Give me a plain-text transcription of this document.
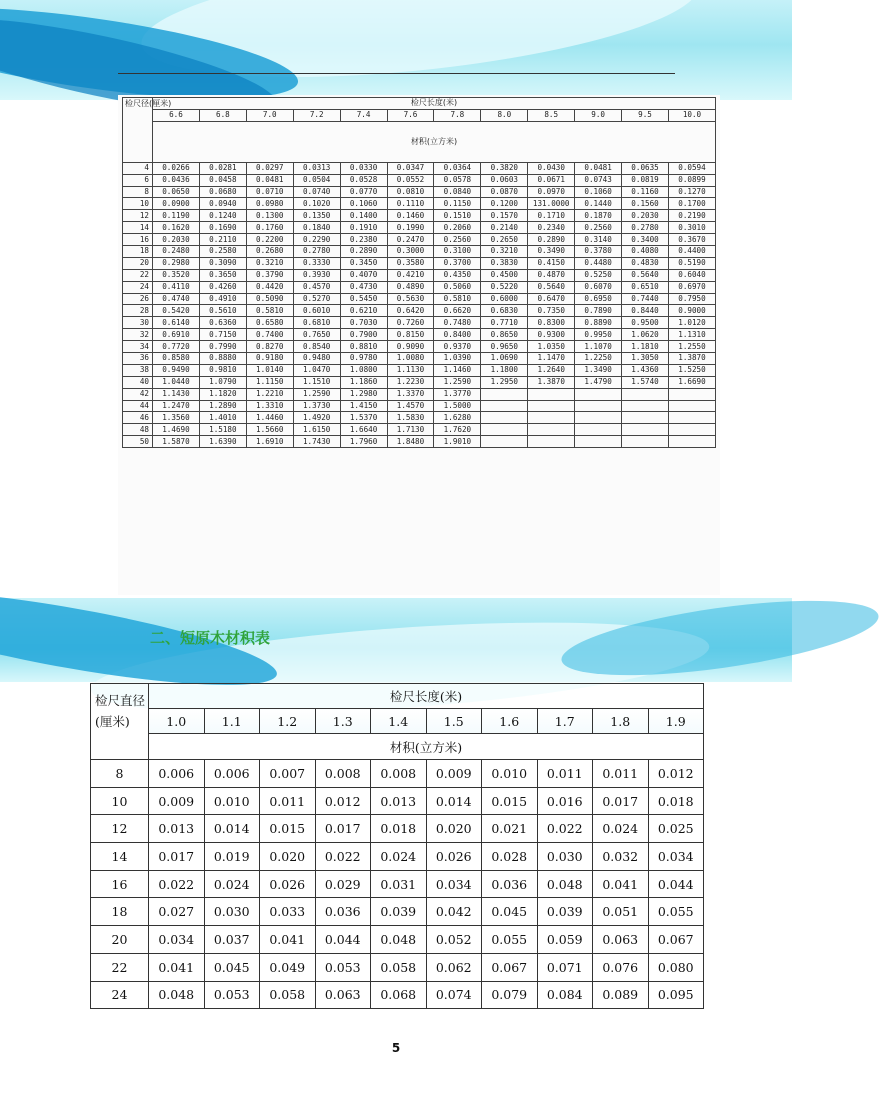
检尺径(厘米)	检尺长度(米)											
	6.6	6.8	7.0	7.2	7.4	7.6	7.8	8.0	8.5	9.0	9.5	10.0
	材积(立方米)											

4	0.0266	0.0281	0.0297	0.0313	0.0330	0.0347	0.0364	0.3820	0.0430	0.0481	0.0635	0.0594
6	0.0436	0.0458	0.0481	0.0504	0.0528	0.0552	0.0578	0.0603	0.0671	0.0743	0.0819	0.0899
8	0.0650	0.0680	0.0710	0.0740	0.0770	0.0810	0.0840	0.0870	0.0970	0.1060	0.1160	0.1270
10	0.0900	0.0940	0.0980	0.1020	0.1060	0.1110	0.1150	0.1200	131.0000	0.1440	0.1560	0.1700
12	0.1190	0.1240	0.1300	0.1350	0.1400	0.1460	0.1510	0.1570	0.1710	0.1870	0.2030	0.2190
14	0.1620	0.1690	0.1760	0.1840	0.1910	0.1990	0.2060	0.2140	0.2340	0.2560	0.2780	0.3010
16	0.2030	0.2110	0.2200	0.2290	0.2380	0.2470	0.2560	0.2650	0.2890	0.3140	0.3400	0.3670
18	0.2480	0.2580	0.2680	0.2780	0.2890	0.3000	0.3100	0.3210	0.3490	0.3780	0.4080	0.4400
20	0.2980	0.3090	0.3210	0.3330	0.3450	0.3580	0.3700	0.3830	0.4150	0.4480	0.4830	0.5190
22	0.3520	0.3650	0.3790	0.3930	0.4070	0.4210	0.4350	0.4500	0.4870	0.5250	0.5640	0.6040
24	0.4110	0.4260	0.4420	0.4570	0.4730	0.4890	0.5060	0.5220	0.5640	0.6070	0.6510	0.6970
26	0.4740	0.4910	0.5090	0.5270	0.5450	0.5630	0.5810	0.6000	0.6470	0.6950	0.7440	0.7950
28	0.5420	0.5610	0.5810	0.6010	0.6210	0.6420	0.6620	0.6830	0.7350	0.7890	0.8440	0.9000
30	0.6140	0.6360	0.6580	0.6810	0.7030	0.7260	0.7480	0.7710	0.8300	0.8890	0.9500	1.0120
32	0.6910	0.7150	0.7400	0.7650	0.7900	0.8150	0.8400	0.8650	0.9300	0.9950	1.0620	1.1310
34	0.7720	0.7990	0.8270	0.8540	0.8810	0.9090	0.9370	0.9650	1.0350	1.1070	1.1810	1.2550
36	0.8580	0.8880	0.9180	0.9480	0.9780	1.0080	1.0390	1.0690	1.1470	1.2250	1.3050	1.3870
38	0.9490	0.9810	1.0140	1.0470	1.0800	1.1130	1.1460	1.1800	1.2640	1.3490	1.4360	1.5250
40	1.0440	1.0790	1.1150	1.1510	1.1860	1.2230	1.2590	1.2950	1.3870	1.4790	1.5740	1.6690
42	1.1430	1.1820	1.2210	1.2590	1.2980	1.3370	1.3770					
44	1.2470	1.2890	1.3310	1.3730	1.4150	1.4570	1.5000					
46	1.3560	1.4010	1.4460	1.4920	1.5370	1.5830	1.6280					
48	1.4690	1.5180	1.5660	1.6150	1.6640	1.7130	1.7620					
50	1.5870	1.6390	1.6910	1.7430	1.7960	1.8480	1.9010					
二、短原木材积表
检尺直径(厘米)	检尺长度(米)									
	1.0	1.1	1.2	1.3	1.4	1.5	1.6	1.7	1.8	1.9
	材积(立方米)									
8	0.006	0.006	0.007	0.008	0.008	0.009	0.010	0.011	0.011	0.012
10	0.009	0.010	0.011	0.012	0.013	0.014	0.015	0.016	0.017	0.018
12	0.013	0.014	0.015	0.017	0.018	0.020	0.021	0.022	0.024	0.025
14	0.017	0.019	0.020	0.022	0.024	0.026	0.028	0.030	0.032	0.034
16	0.022	0.024	0.026	0.029	0.031	0.034	0.036	0.048	0.041	0.044
18	0.027	0.030	0.033	0.036	0.039	0.042	0.045	0.039	0.051	0.055
20	0.034	0.037	0.041	0.044	0.048	0.052	0.055	0.059	0.063	0.067
22	0.041	0.045	0.049	0.053	0.058	0.062	0.067	0.071	0.076	0.080
24	0.048	0.053	0.058	0.063	0.068	0.074	0.079	0.084	0.089	0.095
5
